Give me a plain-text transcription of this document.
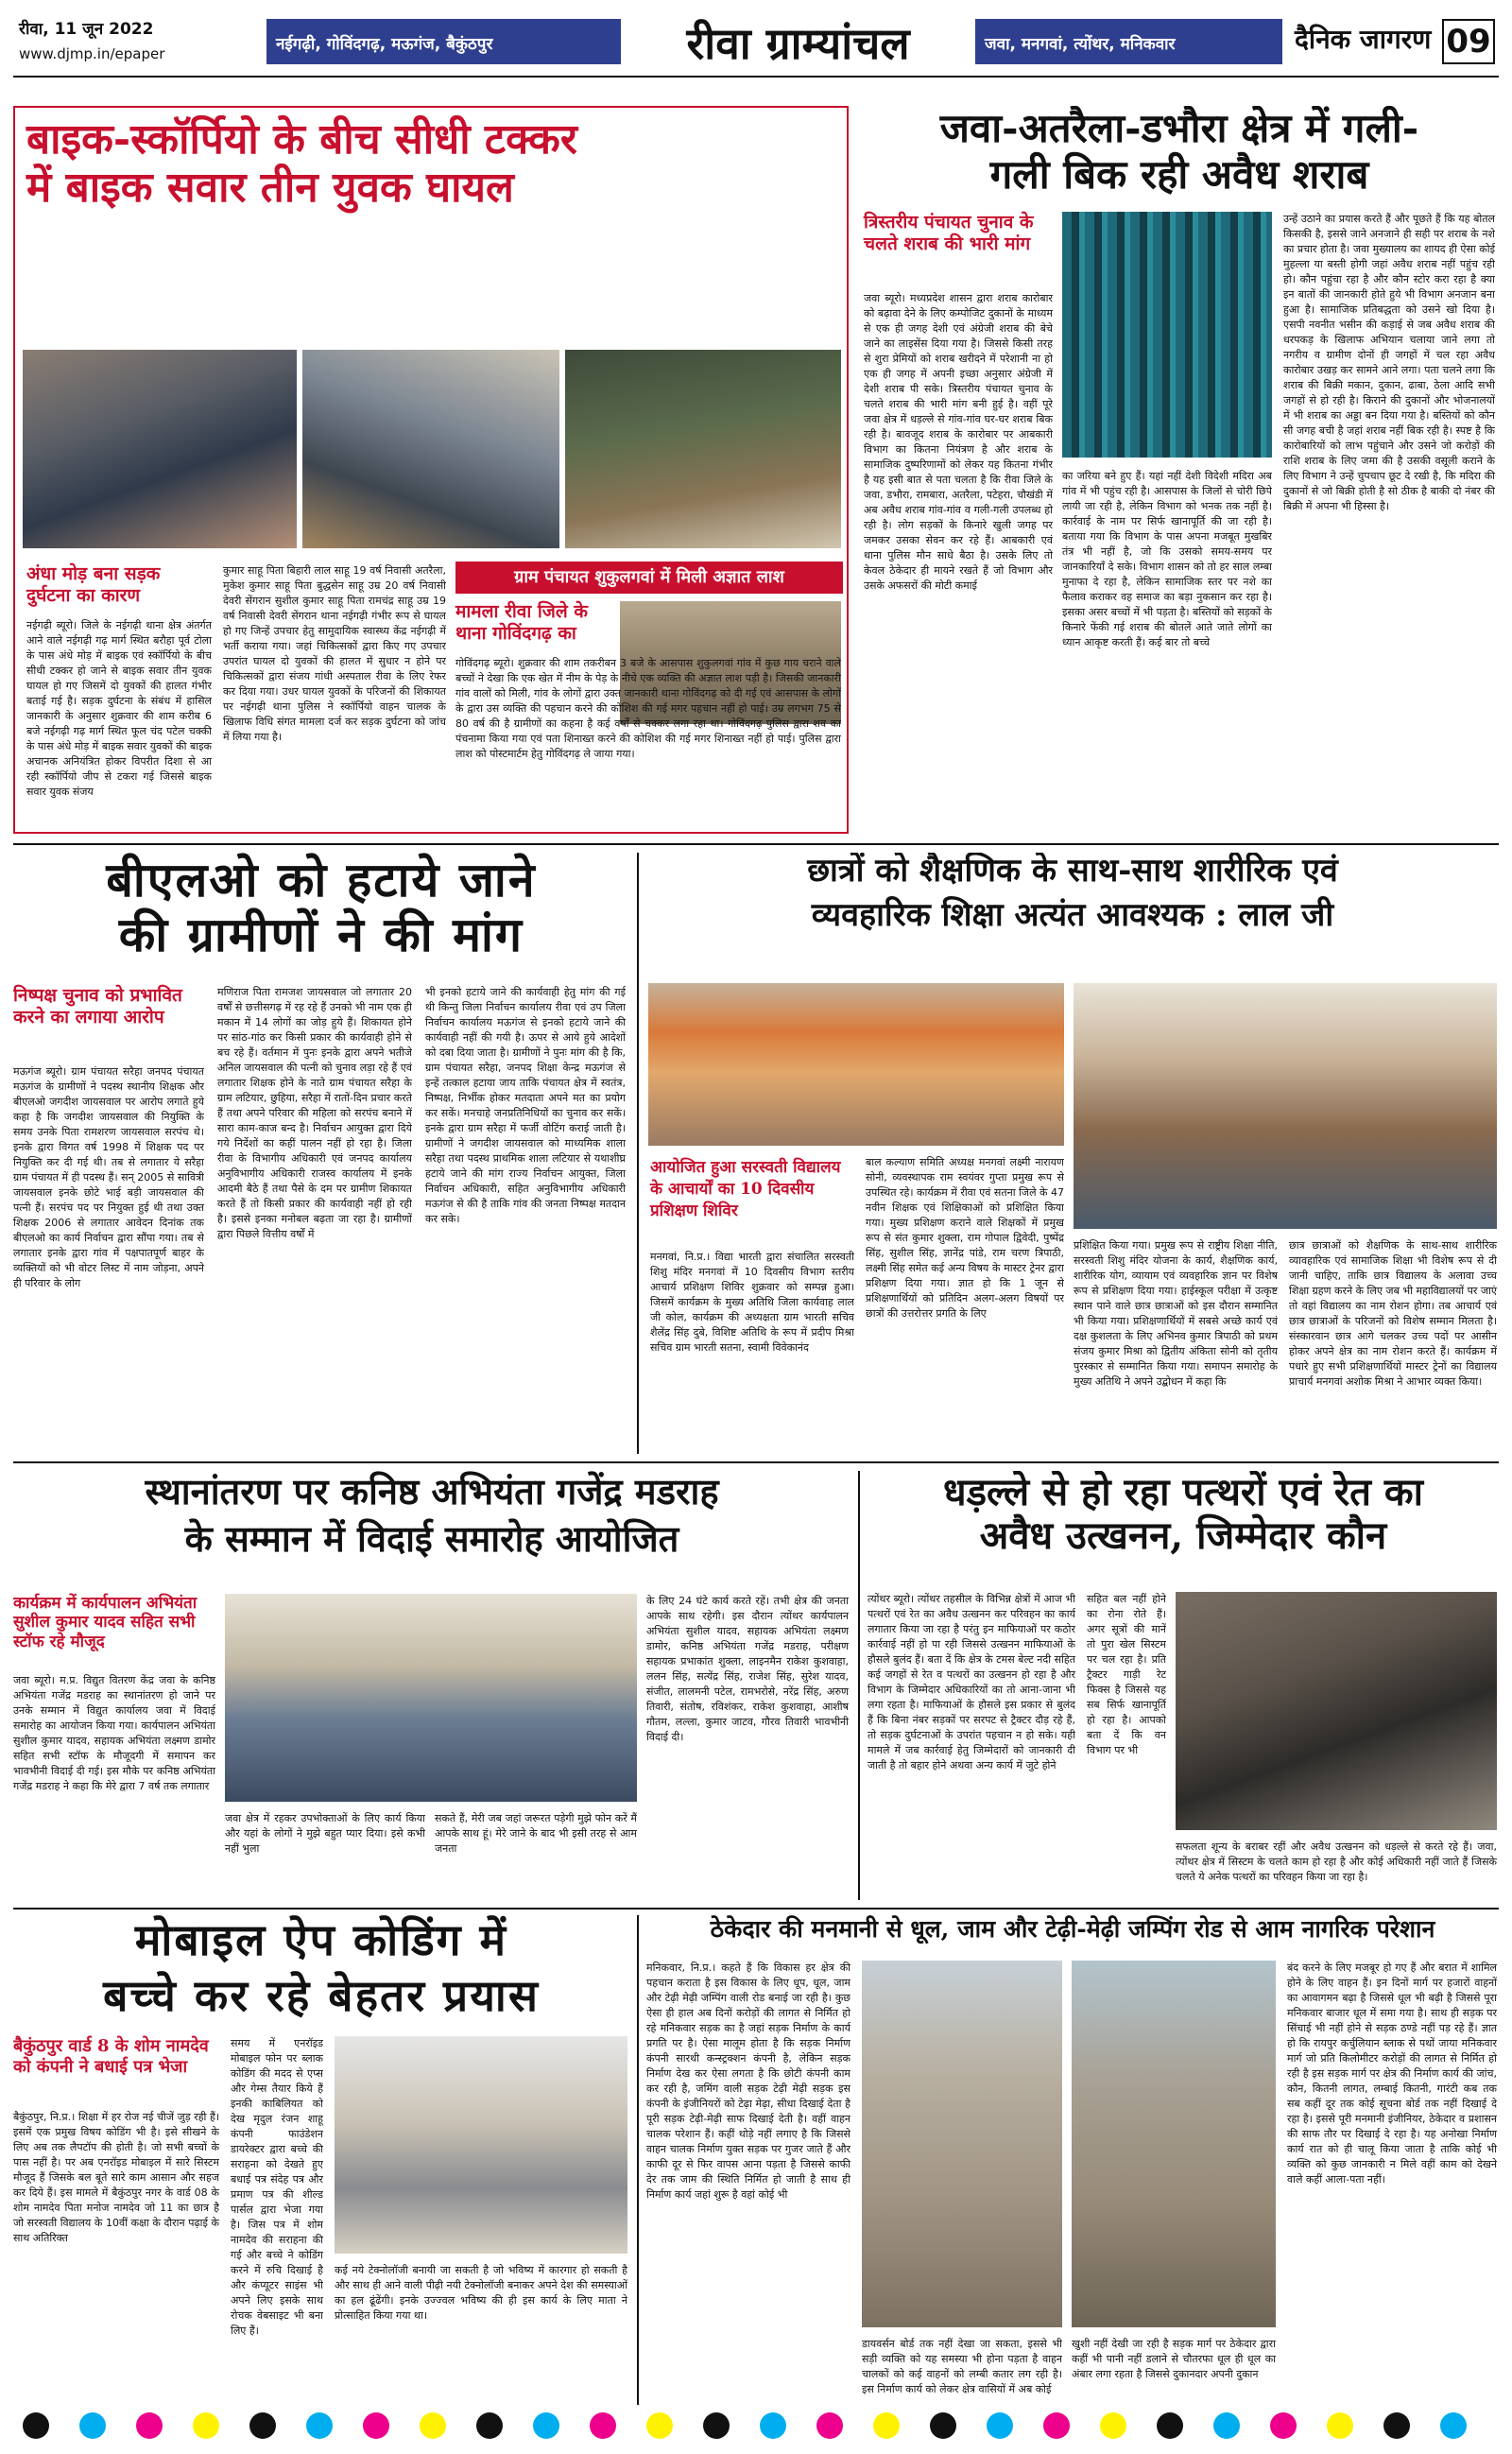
रीवा, 11 जून 2022
www.djmp.in/epaper	नईगढ़ी, गोविंदगढ़, मऊगंज, बैकुंठपुर	रीवा ग्राम्यांचल	जवा, मनगवां, त्योंथर, मनिकवार	दैनिक जागरण 09
बाइक-स्कॉर्पियो के बीच सीधी टक्कर
में बाइक सवार तीन युवक घायल
अंधा मोड़ बना सड़क दुर्घटना का कारण
नईगढ़ी ब्यूरो। जिले के नईगढ़ी थाना क्षेत्र अंतर्गत आने वाले नईगढ़ी गढ़ मार्ग स्थित बरौहा पूर्व टोला के पास अंधे मोड़ में बाइक एवं स्कॉर्पियो के बीच सीधी टक्कर हो जाने से बाइक सवार तीन युवक घायल हो गए जिसमें दो युवकों की हालत गंभीर बताई गई है। सड़क दुर्घटना के संबंध में हासिल जानकारी के अनुसार शुक्रवार की शाम करीब 6 बजे नईगढ़ी गढ़ मार्ग स्थित फूल चंद पटेल चक्की के पास अंधे मोड़ में बाइक सवार युवकों की बाइक अचानक अनियंत्रित होकर विपरीत दिशा से आ रही स्कॉर्पियो जीप से टकरा गई जिससे बाइक सवार युवक संजय
कुमार साहू पिता बिहारी लाल साहू 19 वर्ष निवासी अतरैला, मुकेश कुमार साहू पिता बुद्धसेन साहू उम्र 20 वर्ष निवासी देवरी सेंगरान सुशील कुमार साहू पिता रामचंद्र साहू उम्र 19 वर्ष निवासी देवरी सेंगरान थाना नईगढ़ी गंभीर रूप से घायल हो गए जिन्हें उपचार हेतु सामुदायिक स्वास्थ्य केंद्र नईगढ़ी में भर्ती कराया गया। जहां चिकित्सकों द्वारा किए गए उपचार उपरांत घायल दो युवकों की हालत में सुधार न होने पर चिकित्सकों द्वारा संजय गांधी अस्पताल रीवा के लिए रेफर कर दिया गया। उधर घायल युवकों के परिजनों की शिकायत पर नईगढ़ी थाना पुलिस ने स्कॉर्पियो वाहन चालक के खिलाफ विधि संगत मामला दर्ज कर सड़क दुर्घटना को जांच में लिया गया है।
ग्राम पंचायत शुकुलगवां में मिली अज्ञात लाश
मामला रीवा जिले के थाना गोविंदगढ़ का
गोविंदगढ़ ब्यूरो। शुक्रवार की शाम तकरीबन 3 बजे के आसपास शुकुलगवां गांव में कुछ गाय चराने वाले बच्चों ने देखा कि एक खेत में नीम के पेड़ के नीचे एक व्यक्ति की अज्ञात लाश पड़ी है। जिसकी जानकारी गांव वालों को मिली, गांव के लोगों द्वारा उक्त जानकारी थाना गोविंदगढ़ को दी गई एवं आसपास के लोगों के द्वारा उस व्यक्ति की पहचान करने की कोशिश की गई मगर पहचान नहीं हो पाई। उम्र लगभग 75 से 80 वर्ष की है ग्रामीणों का कहना है कई वर्षों से चक्कर लगा रहा था। गोविंदगढ़ पुलिस द्वारा शव का पंचनामा किया गया एवं पता शिनाख्त करने की कोशिश की गई मगर शिनाख्त नहीं हो पाई। पुलिस द्वारा लाश को पोस्टमार्टम हेतु गोविंदगढ़ ले जाया गया।
जवा-अतरैला-डभौरा क्षेत्र में गली-
गली बिक रही अवैध शराब
त्रिस्तरीय पंचायत चुनाव के चलते शराब की भारी मांग
जवा ब्यूरो। मध्यप्रदेश शासन द्वारा शराब कारोबार को बढ़ावा देने के लिए कम्पोजिट दुकानों के माध्यम से एक ही जगह देशी एवं अंग्रेजी शराब की बेचे जाने का लाइसेंस दिया गया है। जिससे किसी तरह से शुरा प्रेमियों को शराब खरीदने में परेशानी ना हो एक ही जगह में अपनी इच्छा अनुसार अंग्रेजी में देशी शराब पी सके। त्रिस्तरीय पंचायत चुनाव के चलते शराब की भारी मांग बनी हुई है। वहीं पूरे जवा क्षेत्र में धड़ल्ले से गांव-गांव घर-घर शराब बिक रही है। बावजूद शराब के कारोबार पर आबकारी विभाग का कितना नियंत्रण है और शराब के सामाजिक दुष्परिणामों को लेकर यह कितना गंभीर है यह इसी बात से पता चलता है कि रीवा जिले के जवा, डभौरा, रामबारा, अतरैला, पटेहरा, चौखंडी में अब अवैध शराब गांव-गांव व गली-गली उपलब्ध हो रही है। लोग सड़कों के किनारे खुली जगह पर जमकर उसका सेवन कर रहे हैं। आबकारी एवं थाना पुलिस मौन साधे बैठा है। उसके लिए तो केवल ठेकेदार ही मायने रखते हैं जो विभाग और उसके अफसरों की मोटी कमाई
का जरिया बने हुए हैं। यहां नहीं देशी विदेशी मदिरा अब गांव में भी पहुंच रही है। आसपास के जिलों से चोरी छिपे लायी जा रही है, लेकिन विभाग को भनक तक नहीं है। कार्रवाई के नाम पर सिर्फ खानापूर्ति की जा रही है। बताया गया कि विभाग के पास अपना मजबूत मुखबिर तंत्र भी नहीं है, जो कि उसको समय-समय पर जानकारियाँ दे सके। विभाग शासन को तो हर साल लम्बा मुनाफा दे रहा है, लेकिन सामाजिक स्तर पर नशे का फैलाव कराकर वह समाज का बड़ा नुकसान कर रहा है। इसका असर बच्चों में भी पड़ता है। बस्तियों को सड़कों के किनारे फेंकी गई शराब की बोतलें आते जाते लोगों का ध्यान आकृष्ट करती हैं। कई बार तो बच्चे
उन्हें उठाने का प्रयास करते हैं और पूछते हैं कि यह बोतल किसकी है, इससे जाने अनजाने ही सही पर शराब के नशे का प्रचार होता है। जवा मुख्यालय का शायद ही ऐसा कोई मुहल्ला या बस्ती होगी जहां अवैध शराब नहीं पहुंच रही हो। कौन पहुंचा रहा है और कौन स्टोर करा रहा है क्या इन बातों की जानकारी होते हुये भी विभाग अनजान बना हुआ है। सामाजिक प्रतिबद्धता को उसने खो दिया है। एसपी नवनीत भसीन की कड़ाई से जब अवैध शराब की धरपकड़ के खिलाफ अभियान चलाया जाने लगा तो नगरीय व ग्रामीण दोनों ही जगहों में चल रहा अवैध कारोबार उखड़ कर सामने आने लगा। पता चलने लगा कि शराब की बिक्री मकान, दुकान, ढाबा, ठेला आदि सभी जगहों से हो रही है। किराने की दुकानों और भोजनालयों में भी शराब का अड्डा बन दिया गया है। बस्तियों को कौन सी जगह बची है जहां शराब नहीं बिक रही है। स्पष्ट है कि कारोबारियों को लाभ पहुंचाने और उसने जो करोड़ों की राशि शराब के लिए जमा की है उसकी वसूली कराने के लिए विभाग ने उन्हें चुपचाप छूट दे रखी है, कि मदिरा की दुकानों से जो बिक्री होती है सो ठीक है बाकी दो नंबर की बिक्री में अपना भी हिस्सा है।
बीएलओ को हटाये जाने
की ग्रामीणों ने की मांग
निष्पक्ष चुनाव को प्रभावित करने का लगाया आरोप
मऊगंज ब्यूरो। ग्राम पंचायत सरैहा जनपद पंचायत मऊगंज के ग्रामीणों ने पदस्थ स्थानीय शिक्षक और बीएलओ जगदीश जायसवाल पर आरोप लगाते हुये कहा है कि जगदीश जायसवाल की नियुक्ति के समय उनके पिता रामशरण जायसवाल सरपंच थे। इनके द्वारा विगत वर्ष 1998 में शिक्षक पद पर नियुक्ति कर दी गई थी। तब से लगातार ये सरैहा ग्राम पंचायत में ही पदस्थ हैं। सन् 2005 से सावित्री जायसवाल इनके छोटे भाई बड़ी जायसवाल की पत्नी हैं। सरपंच पद पर नियुक्त हुई थी तथा उक्त शिक्षक 2006 से लगातार आवेदन दिनांक तक बीएलओ का कार्य निर्वाचन द्वारा सौंपा गया। तब से लगातार इनके द्वारा गांव में पक्षपातपूर्ण बाहर के व्यक्तियों को भी वोटर लिस्ट में नाम जोड़ना, अपने ही परिवार के लोग
मणिराज पिता रामजश जायसवाल जो लगातार 20 वर्षों से छत्तीसगढ़ में रह रहे हैं उनको भी नाम एक ही मकान में 14 लोगों का जोड़ हुये हैं। शिकायत होने पर सांठ-गांठ कर किसी प्रकार की कार्यवाही होने से बच रहे हैं। वर्तमान में पुनः इनके द्वारा अपने भतीजे अनिल जायसवाल की पत्नी को चुनाव लड़ा रहे हैं एवं लगातार शिक्षक होने के नाते ग्राम पंचायत सरैहा के ग्राम लटियार, छुहिया, सरैहा में रातों-दिन प्रचार करते हैं तथा अपने परिवार की महिला को सरपंच बनाने में सारा काम-काज बन्द है। निर्वाचन आयुक्त द्वारा दिये गये निर्देशों का कहीं पालन नहीं हो रहा है। जिला रीवा के विभागीय अधिकारी एवं जनपद कार्यालय अनुविभागीय अधिकारी राजस्व कार्यालय में इनके आदमी बैठे हैं तथा पैसे के दम पर ग्रामीण शिकायत करते हैं तो किसी प्रकार की कार्यवाही नहीं हो रही है। इससे इनका मनोबल बढ़ता जा रहा है। ग्रामीणों द्वारा पिछले वित्तीय वर्षों में
भी इनको हटाये जाने की कार्यवाही हेतु मांग की गई थी किन्तु जिला निर्वाचन कार्यालय रीवा एवं उप जिला निर्वाचन कार्यालय मऊगंज से इनको हटाये जाने की कार्यवाही नहीं की गयी है। ऊपर से आये हुये आदेशों को दबा दिया जाता है। ग्रामीणों ने पुनः मांग की है कि, ग्राम पंचायत सरैहा, जनपद शिक्षा केन्द्र मऊगंज से इन्हें तत्काल हटाया जाय ताकि पंचायत क्षेत्र में स्वतंत्र, निष्पक्ष, निर्भीक होकर मतदाता अपने मत का प्रयोग कर सकें। मनचाहे जनप्रतिनिधियों का चुनाव कर सकें। इनके द्वारा ग्राम सरैहा में फर्जी वोटिंग कराई जाती है। ग्रामीणों ने जगदीश जायसवाल को माध्यमिक शाला सरैहा तथा पदस्थ प्राथमिक शाला लटियार से यथाशीघ्र हटाये जाने की मांग राज्य निर्वाचन आयुक्त, जिला निर्वाचन अधिकारी, सहित अनुविभागीय अधिकारी मऊगंज से की है ताकि गांव की जनता निष्पक्ष मतदान कर सके।
छात्रों को शैक्षणिक के साथ-साथ शारीरिक एवं
व्यवहारिक शिक्षा अत्यंत आवश्यक : लाल जी
आयोजित हुआ सरस्वती विद्यालय के आचार्यों का 10 दिवसीय प्रशिक्षण शिविर
मनगवां, नि.प्र.। विद्या भारती द्वारा संचालित सरस्वती शिशु मंदिर मनगवां में 10 दिवसीय विभाग स्तरीय आचार्य प्रशिक्षण शिविर शुक्रवार को सम्पन्न हुआ। जिसमें कार्यक्रम के मुख्य अतिथि जिला कार्यवाह लाल जी कोल, कार्यक्रम की अध्यक्षता ग्राम भारती सचिव शैलेंद्र सिंह दुबे, विशिष्ट अतिथि के रूप में प्रदीप मिश्रा सचिव ग्राम भारती सतना, स्वामी विवेकानंद
बाल कल्याण समिति अध्यक्ष मनगवां लक्ष्मी नारायण सोनी, व्यवस्थापक राम स्वयंवर गुप्ता प्रमुख रूप से उपस्थित रहे। कार्यक्रम में रीवा एवं सतना जिले के 47 नवीन शिक्षक एवं शिक्षिकाओं को प्रशिक्षित किया गया। मुख्य प्रशिक्षण कराने वाले शिक्षकों में प्रमुख रूप से संत कुमार शुक्ला, राम गोपाल द्विवेदी, पुष्पेंद्र सिंह, सुशील सिंह, ज्ञानेंद्र पांडे, राम चरण त्रिपाठी, लक्ष्मी सिंह समेत कई अन्य विषय के मास्टर ट्रेनर द्वारा प्रशिक्षण दिया गया। ज्ञात हो कि 1 जून से प्रशिक्षणार्थियों को प्रतिदिन अलग-अलग विषयों पर छात्रों की उत्तरोत्तर प्रगति के लिए
प्रशिक्षित किया गया। प्रमुख रूप से राष्ट्रीय शिक्षा नीति, सरस्वती शिशु मंदिर योजना के कार्य, शैक्षणिक कार्य, शारीरिक योग, व्यायाम एवं व्यवहारिक ज्ञान पर विशेष रूप से प्रशिक्षण दिया गया। हाईस्कूल परीक्षा में उत्कृष्ट स्थान पाने वाले छात्र छात्राओं को इस दौरान सम्मानित भी किया गया। प्रशिक्षणार्थियों में सबसे अच्छे कार्य एवं दक्ष कुशलता के लिए अभिनव कुमार त्रिपाठी को प्रथम संजय कुमार मिश्रा को द्वितीय अंकिता सोनी को तृतीय पुरस्कार से सम्मानित किया गया। समापन समारोह के मुख्य अतिथि ने अपने उद्बोधन में कहा कि
छात्र छात्राओं को शैक्षणिक के साथ-साथ शारीरिक व्यावहारिक एवं सामाजिक शिक्षा भी विशेष रूप से दी जानी चाहिए, ताकि छात्र विद्यालय के अलावा उच्च शिक्षा ग्रहण करने के लिए जब भी महाविद्यालयों पर जाएं तो वहां विद्यालय का नाम रोशन होगा। तब आचार्य एवं छात्र छात्राओं के परिजनों को विशेष सम्मान मिलता है। संस्कारवान छात्र आगे चलकर उच्च पदों पर आसीन होकर अपने क्षेत्र का नाम रोशन करते हैं। कार्यक्रम में पधारे हुए सभी प्रशिक्षणार्थियों मास्टर ट्रेनों का विद्यालय प्राचार्य मनगवां अशोक मिश्रा ने आभार व्यक्त किया।
स्थानांतरण पर कनिष्ठ अभियंता गजेंद्र मडराह
के सम्मान में विदाई समारोह आयोजित
कार्यक्रम में कार्यपालन अभियंता सुशील कुमार यादव सहित सभी स्टॉफ रहे मौजूद
जवा ब्यूरो। म.प्र. विद्युत वितरण केंद्र जवा के कनिष्ठ अभियंता गजेंद्र मडराह का स्थानांतरण हो जाने पर उनके सम्मान में विद्युत कार्यालय जवा में विदाई समारोह का आयोजन किया गया। कार्यपालन अभियंता सुशील कुमार यादव, सहायक अभियंता लक्ष्मण डामोर सहित सभी स्टॉफ के मौजूदगी में समापन कर भावभीनी विदाई दी गई। इस मौके पर कनिष्ठ अभियंता गजेंद्र मडराह ने कहा कि मेरे द्वारा 7 वर्ष तक लगातार
जवा क्षेत्र में रहकर उपभोक्ताओं के लिए कार्य किया और यहां के लोगों ने मुझे बहुत प्यार दिया। इसे कभी नहीं भुला
सकते हैं, मेरी जब जहां जरूरत पड़ेगी मुझे फोन करें मैं आपके साथ हूं। मेरे जाने के बाद भी इसी तरह से आम जनता
के लिए 24 घंटे कार्य करते रहें। तभी क्षेत्र की जनता आपके साथ रहेगी। इस दौरान त्योंथर कार्यपालन अभियंता सुशील यादव, सहायक अभियंता लक्ष्मण डामोर, कनिष्ठ अभियंता गजेंद्र मडराह, परीक्षण सहायक प्रभाकांत शुक्ला, लाइनमैन राकेश कुशवाहा, ललन सिंह, सत्येंद्र सिंह, राजेश सिंह, सुरेश यादव, संजीत, लालमनी पटेल, रामभरोसे, नरेंद्र सिंह, अरुण तिवारी, संतोष, रविशंकर, राकेश कुशवाहा, आशीष गौतम, लल्ला, कुमार जाटव, गौरव तिवारी भावभीनी विदाई दी।
धड़ल्ले से हो रहा पत्थरों एवं रेत का
अवैध उत्खनन, जिम्मेदार कौन
त्योंथर ब्यूरो। त्योंथर तहसील के विभिन्न क्षेत्रों में आज भी पत्थरों एवं रेत का अवैध उत्खनन कर परिवहन का कार्य लगातार किया जा रहा है परंतु इन माफियाओं पर कठोर कार्रवाई नहीं हो पा रही जिससे उत्खनन माफियाओं के हौसले बुलंद हैं। बता दें कि क्षेत्र के टमस बेल्ट नदी सहित कई जगहों से रेत व पत्थरों का उत्खनन हो रहा है और विभाग के जिम्मेदार अधिकारियों का तो आना-जाना भी लगा रहता है। माफियाओं के हौसले इस प्रकार से बुलंद हैं कि बिना नंबर सड़कों पर सरपट से ट्रैक्टर दौड़ रहे हैं, तो सड़क दुर्घटनाओं के उपरांत पहचान न हो सके। यही मामले में जब कार्रवाई हेतु जिम्मेदारों को जानकारी दी जाती है तो बहार होने अथवा अन्य कार्य में जुटे होने
सहित बल नहीं होने का रोना रोते हैं। अगर सूत्रों की मानें तो पुरा खेल सिस्टम पर चल रहा है। प्रति ट्रैक्टर गाड़ी रेट फिक्स है जिससे यह सब सिर्फ खानापूर्ति हो रहा है। आपको बता दें कि वन विभाग पर भी
सफलता शून्य के बराबर रहीं और अवैध उत्खनन को धड़ल्ले से करते रहे हैं। जवा, त्योंथर क्षेत्र में सिस्टम के चलते काम हो रहा है और कोई अधिकारी नहीं जाते हैं जिसके चलते ये अनेक पत्थरों का परिवहन किया जा रहा है।
मोबाइल ऐप कोडिंग में
बच्चे कर रहे बेहतर प्रयास
बैकुंठपुर वार्ड 8 के शोम नामदेव को कंपनी ने बधाई पत्र भेजा
बैकुंठपुर, नि.प्र.। शिक्षा में हर रोज नई चीजें जुड़ रही हैं। इसमें एक प्रमुख विषय कोडिंग भी है। इसे सीखने के लिए अब तक लैपटॉप की होती है। जो सभी बच्चों के पास नहीं है। पर अब एनरॉइड मोबाइल में सारे सिस्टम मौजूद हैं जिसके बल बूते सारे काम आसान और सहज कर दिये हैं। इस मामले में बैकुंठपुर नगर के वार्ड 08 के शोम नामदेव पिता मनोज नामदेव जो 11 का छात्र है जो सरस्वती विद्यालय के 10वीं कक्षा के दौरान पढ़ाई के साथ अतिरिक्त
समय में एनरॉइड मोबाइल फोन पर ब्लाक कोडिंग की मदद से एप्स और गेम्स तैयार किये हैं इनकी काबिलियत को देख मृदुल रंजन शाहू कंपनी फाउंडेशन डायरेक्टर द्वारा बच्चे की सराहना को देखते हुए बधाई पत्र संदेह पत्र और प्रमाण पत्र की शील्ड पार्सल द्वारा भेजा गया है। जिस पत्र में शोम नामदेव की सराहना की गई और बच्चे ने कोडिंग करने में रुचि दिखाई है और कंप्यूटर साइंस भी अपने लिए इसके साथ रोचक वेबसाइट भी बना लिए हैं।
कई नये टेक्नोलॉजी बनायी जा सकती है जो भविष्य में कारगार हो सकती है और साथ ही आने वाली पीढ़ी नयी टेक्नोलॉजी बनाकर अपने देश की समस्याओं का हल ढूंढेंगी। इनके उज्ज्वल भविष्य की ही इस कार्य के लिए माता ने प्रोत्साहित किया गया था।
ठेकेदार की मनमानी से धूल, जाम और टेढ़ी-मेढ़ी जम्पिंग रोड से आम नागरिक परेशान
मनिकवार, नि.प्र.। कहते हैं कि विकास हर क्षेत्र की पहचान कराता है इस विकास के लिए धूप, धूल, जाम और टेढ़ी मेढ़ी जम्पिंग वाली रोड बनाई जा रही है। कुछ ऐसा ही हाल अब दिनों करोड़ों की लागत से निर्मित हो रहे मनिकवार सड़क का है जहां सड़क निर्माण के कार्य प्रगति पर है। ऐसा मालूम होता है कि सड़क निर्माण कंपनी सारथी कन्स्ट्रक्शन कंपनी है, लेकिन सड़क निर्माण देख कर ऐसा लगता है कि छोटी कंपनी काम कर रही है, जमिंग वाली सड़क टेढ़ी मेढ़ी सड़क इस कंपनी के इंजीनियरों को टेढ़ा मेढ़ा, सीधा दिखाई देता है पूरी सड़क टेढ़ी-मेढ़ी साफ दिखाई देती है। वहीं वाहन चालक परेशान हैं। कहीं थोड़े नहीं लगाए है कि जिससे वाहन चालक निर्माण युक्त सड़क पर गुजर जाते हैं और काफी दूर से फिर वापस आना पड़ता है जिससे काफी देर तक जाम की स्थिति निर्मित हो जाती है साथ ही निर्माण कार्य जहां शुरू है वहां कोई भी
डायवर्सन बोर्ड तक नहीं देखा जा सकता, इससे भी सड़ी व्यक्ति को यह समस्या भी होना पड़ता है वाहन चालकों को कई वाहनों को लम्बी कतार लग रही है। इस निर्माण कार्य को लेकर क्षेत्र वासियों में अब कोई
खुशी नहीं देखी जा रही है सड़क मार्ग पर ठेकेदार द्वारा कहीं भी पानी नहीं डलाने से चौतरफा धूल ही धूल का अंबार लगा रहता है जिससे दुकानदार अपनी दुकान
बंद करने के लिए मजबूर हो गए हैं और बरात में शामिल होने के लिए वाहन हैं। इन दिनों मार्ग पर हजारों वाहनों का आवागमन बढ़ा है जिससे धूल भी बढ़ी है जिससे पूरा मनिकवार बाजार धूल में समा गया है। साथ ही सड़क पर सिंचाई भी नहीं होने से सड़क ठण्डे नहीं पड़ रहे हैं। ज्ञात हो कि रायपुर कर्चुलियान ब्लाक से पथों जाया मनिकवार मार्ग जो प्रति किलोमीटर करोड़ों की लागत से निर्मित हो रही है इस सड़क मार्ग पर क्षेत्र की निर्माण कार्य की जांच, कौन, कितनी लागत, लम्बाई कितनी, गारंटी कब तक सब कहीं दूर तक कोई सूचना बोर्ड तक नहीं दिखाई दे रहा है। इससे पूरी मनमानी इंजीनियर, ठेकेदार व प्रशासन की साफ तौर पर दिखाई दे रहा है। यह अनोखा निर्माण कार्य रात को ही चालू किया जाता है ताकि कोई भी व्यक्ति को कुछ जानकारी न मिले वहीं काम को देखने वाले कहीं आला-पता नहीं।
